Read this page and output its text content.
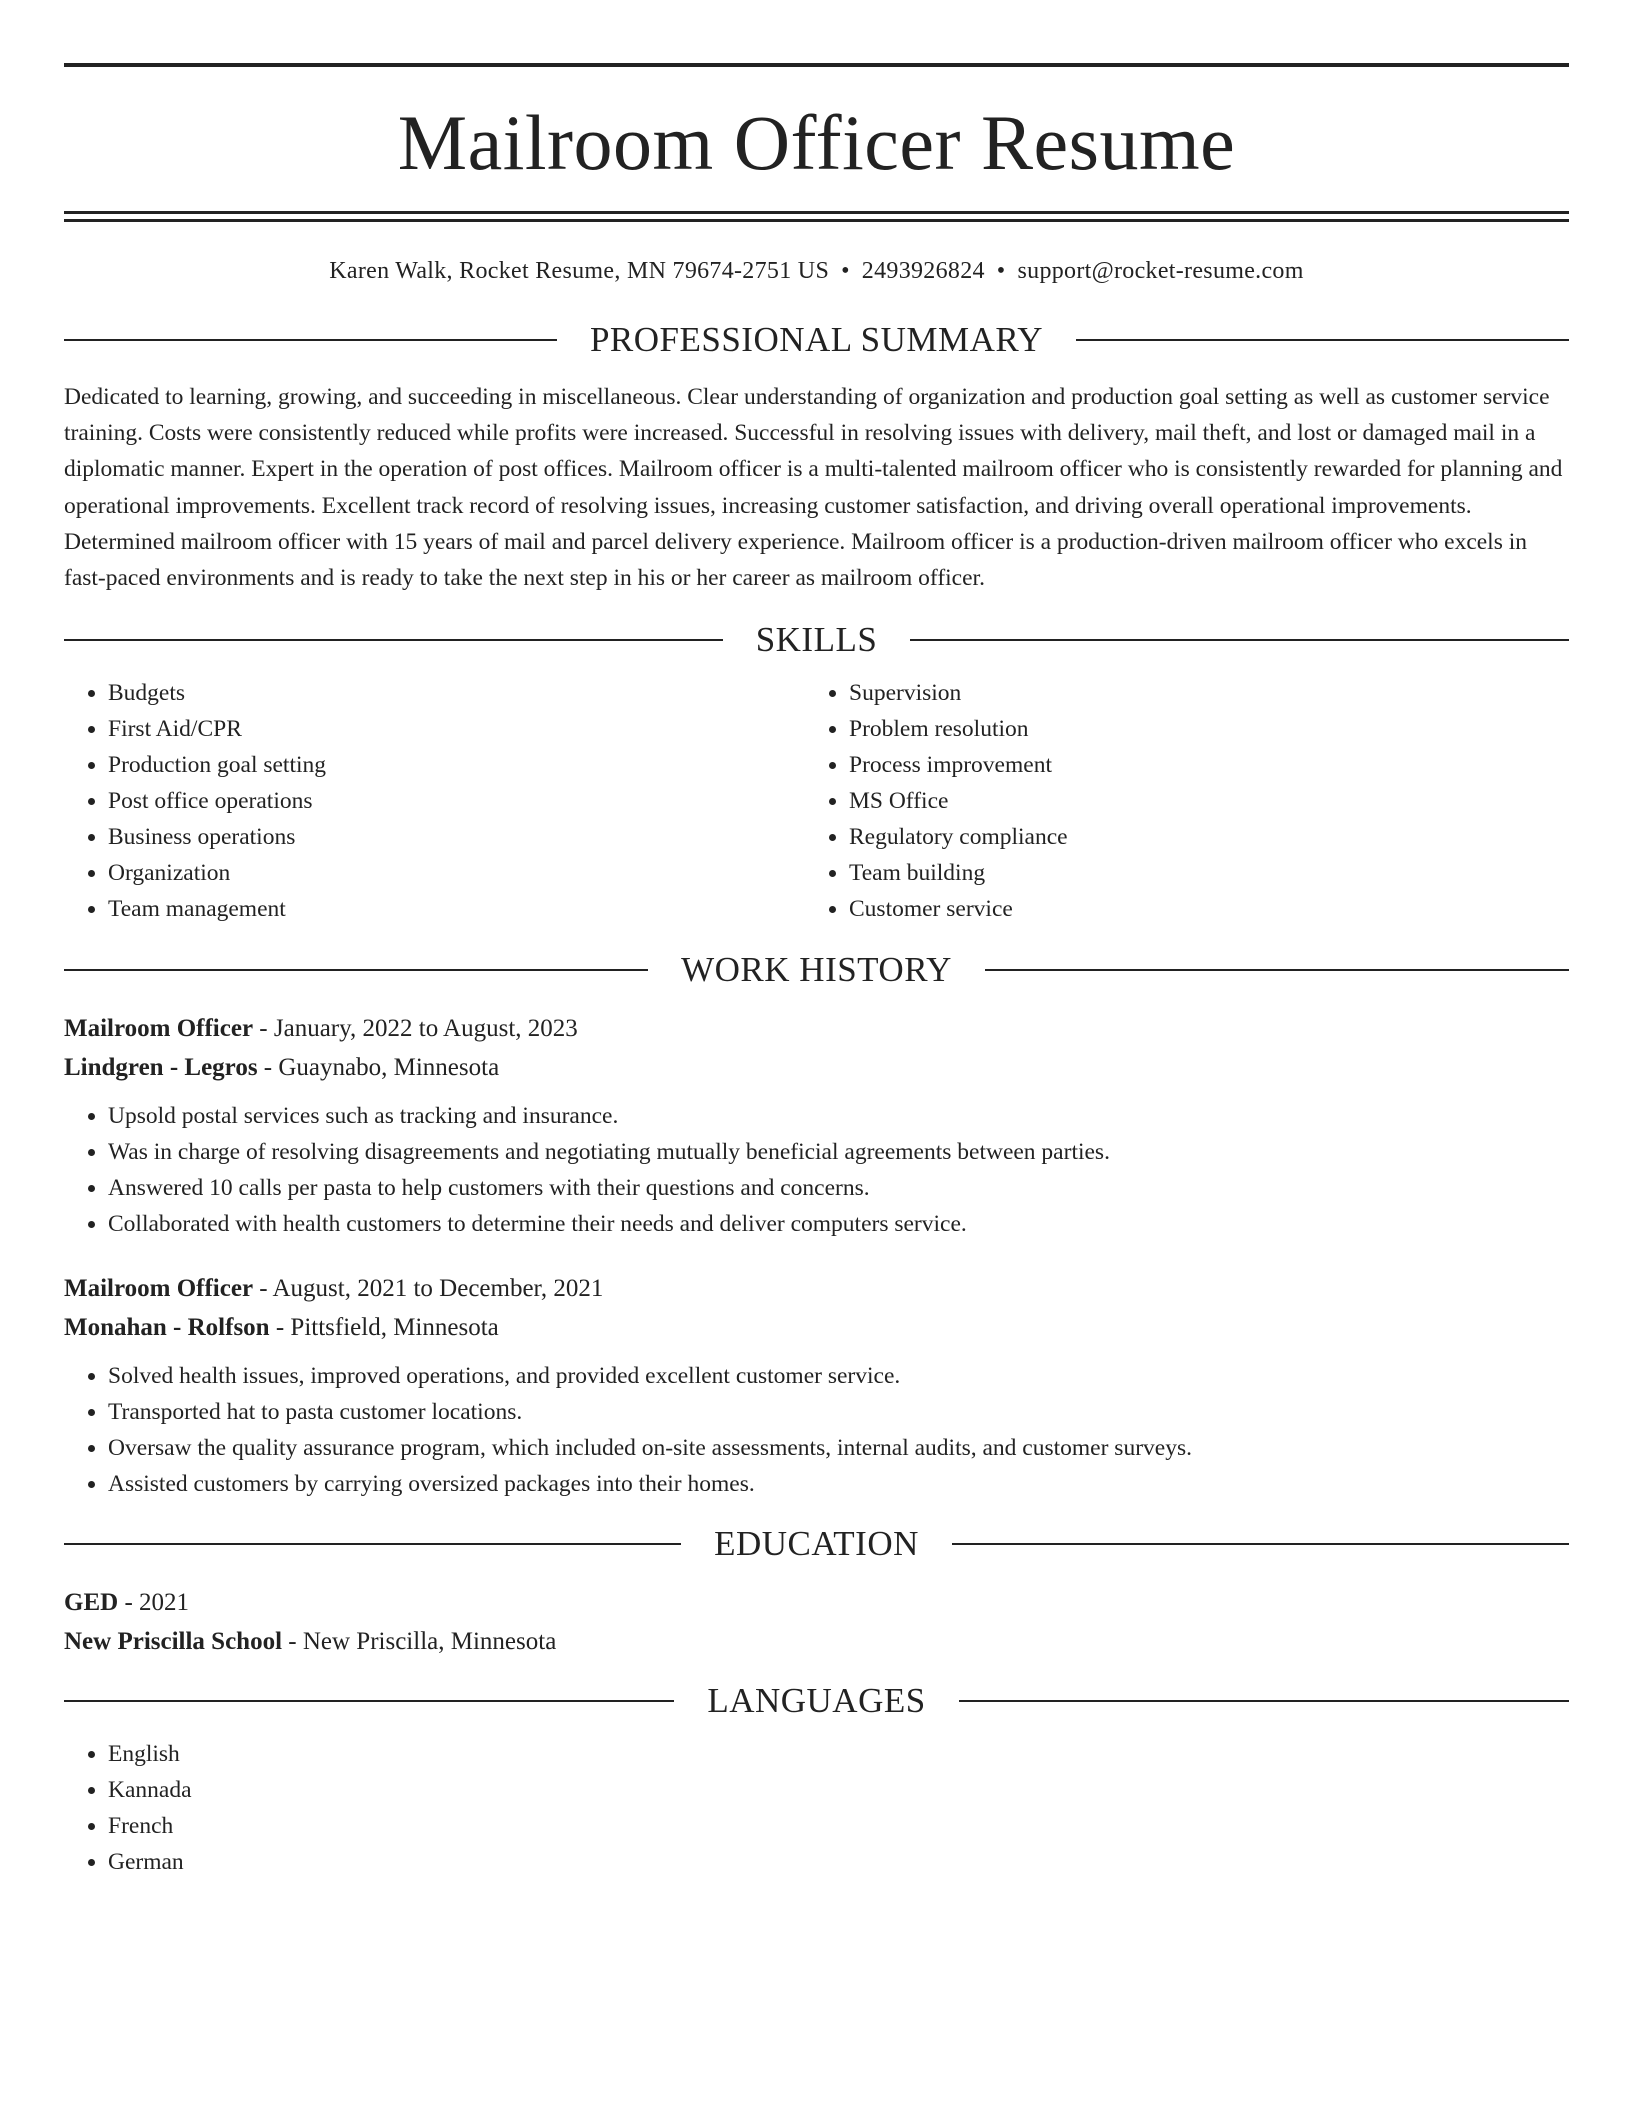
Mailroom Officer Resume
Karen Walk, Rocket Resume, MN 79674-2751 US • 2493926824 • support@rocket-resume.com
PROFESSIONAL SUMMARY
Dedicated to learning, growing, and succeeding in miscellaneous. Clear understanding of organization and production goal setting as well as customer service training. Costs were consistently reduced while profits were increased. Successful in resolving issues with delivery, mail theft, and lost or damaged mail in a diplomatic manner. Expert in the operation of post offices. Mailroom officer is a multi-talented mailroom officer who is consistently rewarded for planning and operational improvements. Excellent track record of resolving issues, increasing customer satisfaction, and driving overall operational improvements. Determined mailroom officer with 15 years of mail and parcel delivery experience. Mailroom officer is a production-driven mailroom officer who excels in fast-paced environments and is ready to take the next step in his or her career as mailroom officer.
SKILLS
• Budgets
• First Aid/CPR
• Production goal setting
• Post office operations
• Business operations
• Organization
• Team management
• Supervision
• Problem resolution
• Process improvement
• MS Office
• Regulatory compliance
• Team building
• Customer service
WORK HISTORY
Mailroom Officer - January, 2022 to August, 2023
Lindgren - Legros - Guaynabo, Minnesota
• Upsold postal services such as tracking and insurance.
• Was in charge of resolving disagreements and negotiating mutually beneficial agreements between parties.
• Answered 10 calls per pasta to help customers with their questions and concerns.
• Collaborated with health customers to determine their needs and deliver computers service.
Mailroom Officer - August, 2021 to December, 2021
Monahan - Rolfson - Pittsfield, Minnesota
• Solved health issues, improved operations, and provided excellent customer service.
• Transported hat to pasta customer locations.
• Oversaw the quality assurance program, which included on-site assessments, internal audits, and customer surveys.
• Assisted customers by carrying oversized packages into their homes.
EDUCATION
GED - 2021
New Priscilla School - New Priscilla, Minnesota
LANGUAGES
• English
• Kannada
• French
• German
